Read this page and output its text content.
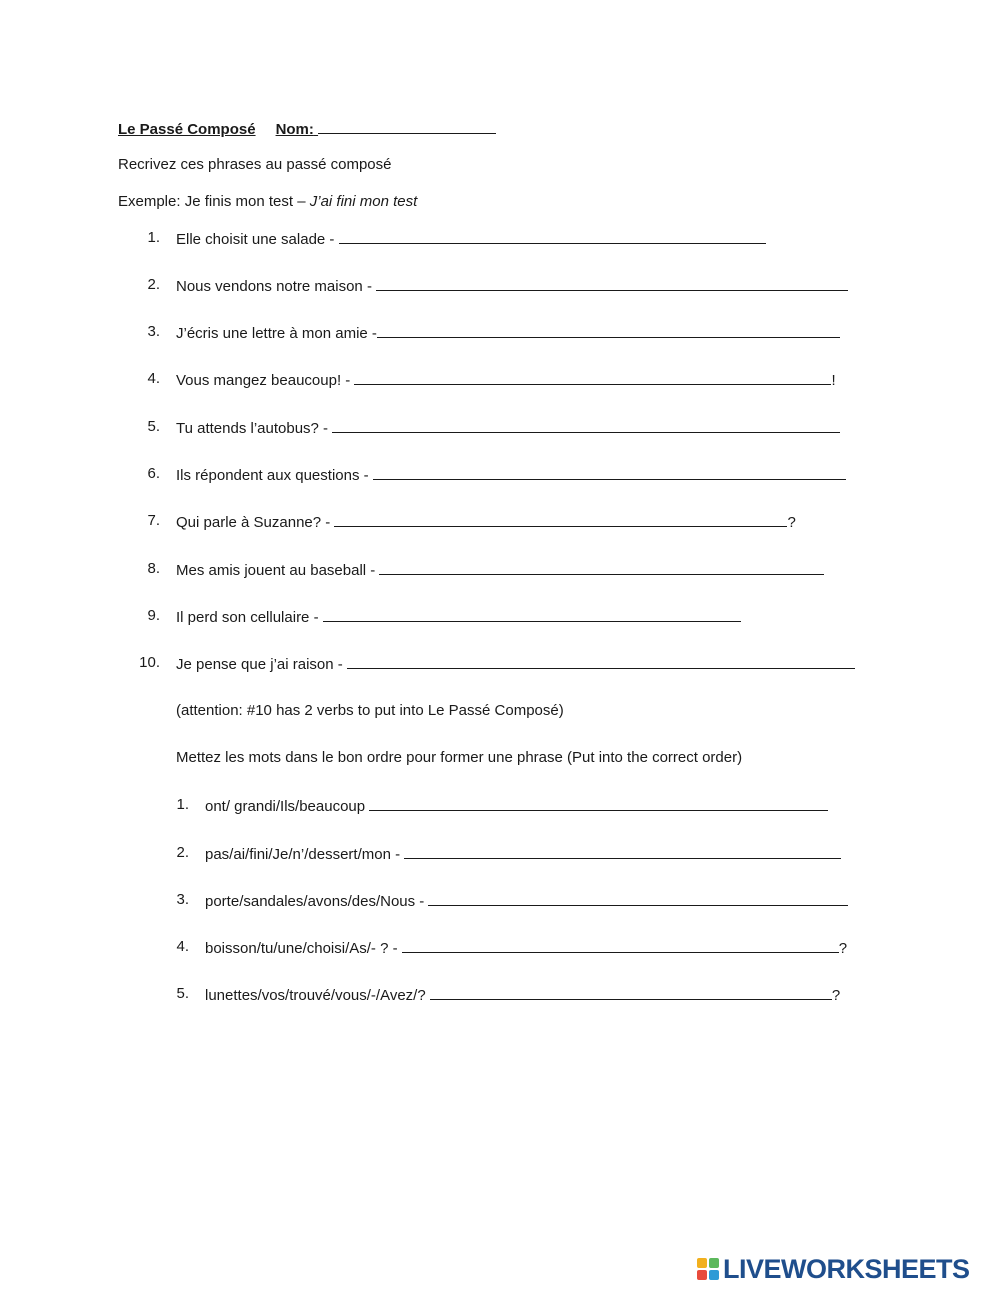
Le Passé Composé Nom:
Recrivez ces phrases au passé composé
Exemple: Je finis mon test – J’ai fini mon test
1. Elle choisit une salade -
2. Nous vendons notre maison -
3. J’écris une lettre à mon amie -
4. Vous mangez beaucoup! -	!
5. Tu attends l’autobus? -
6. Ils répondent aux questions -
7. Qui parle à Suzanne? -	?
8. Mes amis jouent au baseball -
9. Il perd son cellulaire -
10. Je pense que j’ai raison -
(attention: #10 has 2 verbs to put into Le Passé Composé)
Mettez les mots dans le bon ordre pour former une phrase (Put into the correct order)
1. ont/ grandi/Ils/beaucoup
2. pas/ai/fini/Je/n’/dessert/mon -
3. porte/sandales/avons/des/Nous -
4. boisson/tu/une/choisi/As/- ? -	?
5. lunettes/vos/trouvé/vous/-/Avez/?	?
LIVEWORKSHEETS
